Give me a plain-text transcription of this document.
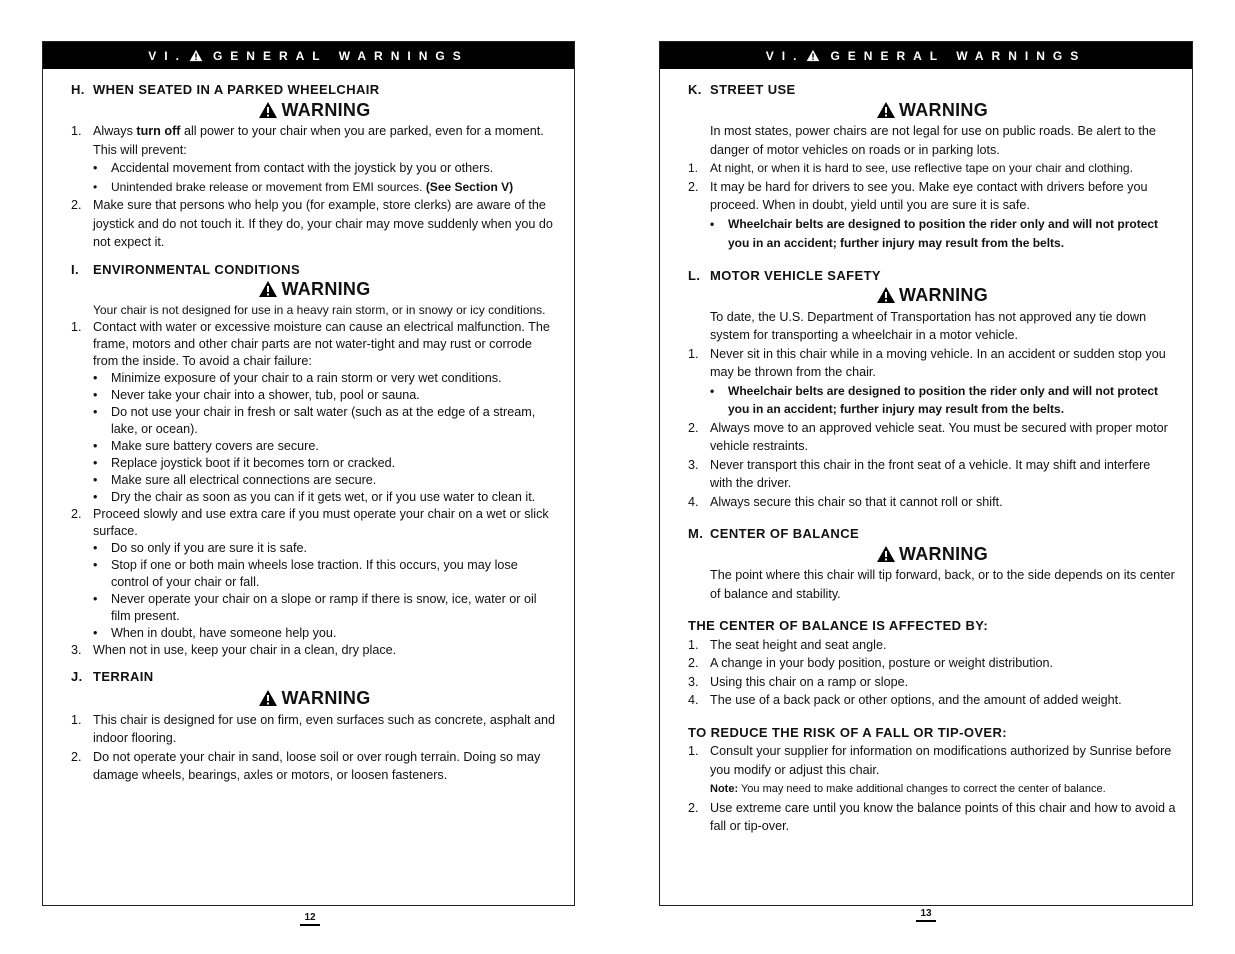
VI. GENERAL WARNINGS
H. WHEN SEATED IN A PARKED WHEELCHAIR
WARNING
1. Always turn off all power to your chair when you are parked, even for a moment. This will prevent:
•	Accidental movement from contact with the joystick by you or others.
•	Unintended brake release or movement from EMI sources. (See Section V)
2. Make sure that persons who help you (for example, store clerks) are aware of the joystick and do not touch it. If they do, your chair may move suddenly when you do not expect it.
I.	ENVIRONMENTAL CONDITIONS
WARNING

Your chair is not designed for use in a heavy rain storm, or in snowy or icy conditions.

1. Contact with water or excessive moisture can cause an electrical malfunction. The frame, motors and other chair parts are not water-tight and may rust or corrode from the inside. To avoid a chair failure:
•	Minimize exposure of your chair to a rain storm or very wet conditions.
•	Never take your chair into a shower, tub, pool or sauna.
•	Do not use your chair in fresh or salt water (such as at the edge of a stream, lake, or ocean).
•	Make sure battery covers are secure.
•	Replace joystick boot if it becomes torn or cracked.
•	Make sure all electrical connections are secure.
•	Dry the chair as soon as you can if it gets wet, or if you use water to clean it.
2. Proceed slowly and use extra care if you must operate your chair on a wet or slick surface.
•	Do so only if you are sure it is safe.
•	Stop if one or both main wheels lose traction. If this occurs, you may lose control of your chair or fall.
•	Never operate your chair on a slope or ramp if there is snow, ice, water or oil film present.
•	When in doubt, have someone help you.
3. When not in use, keep your chair in a clean, dry place.
J. TERRAIN
WARNING
1. This chair is designed for use on firm, even surfaces such as concrete, asphalt and indoor flooring.
2. Do not operate your chair in sand, loose soil or over rough terrain. Doing so may damage wheels, bearings, axles or motors, or loosen fasteners.
12
VI. GENERAL WARNINGS
K. STREET USE
WARNING

In most states, power chairs are not legal for use on public roads. Be alert to the danger of motor vehicles on roads or in parking lots.

1. At night, or when it is hard to see, use reflective tape on your chair and clothing.
2. It may be hard for drivers to see you. Make eye contact with drivers before you proceed. When in doubt, yield until you are sure it is safe.
•	Wheelchair belts are designed to position the rider only and will not protect you in an accident; further injury may result from the belts.
L. MOTOR VEHICLE SAFETY
WARNING

To date, the U.S. Department of Transportation has not approved any tie down system for transporting a wheelchair in a motor vehicle.

1. Never sit in this chair while in a moving vehicle. In an accident or sudden stop you may be thrown from the chair.
•	Wheelchair belts are designed to position the rider only and will not protect you in an accident; further injury may result from the belts.
2. Always move to an approved vehicle seat. You must be secured with proper motor vehicle restraints.
3. Never transport this chair in the front seat of a vehicle. It may shift and interfere with the driver.
4. Always secure this chair so that it cannot roll or shift.
M. CENTER OF BALANCE
WARNING

The point where this chair will tip forward, back, or to the side depends on its center of balance and stability.

THE CENTER OF BALANCE IS AFFECTED BY:
1. The seat height and seat angle.
2. A change in your body position, posture or weight distribution.
3. Using this chair on a ramp or slope.
4. The use of a back pack or other options, and the amount of added weight.
TO REDUCE THE RISK OF A FALL OR TIP-OVER:
1. Consult your supplier for information on modifications authorized by Sunrise before you modify or adjust this chair.
Note: You may need to make additional changes to correct the center of balance.
2. Use extreme care until you know the balance points of this chair and how to avoid a fall or tip-over.
13
